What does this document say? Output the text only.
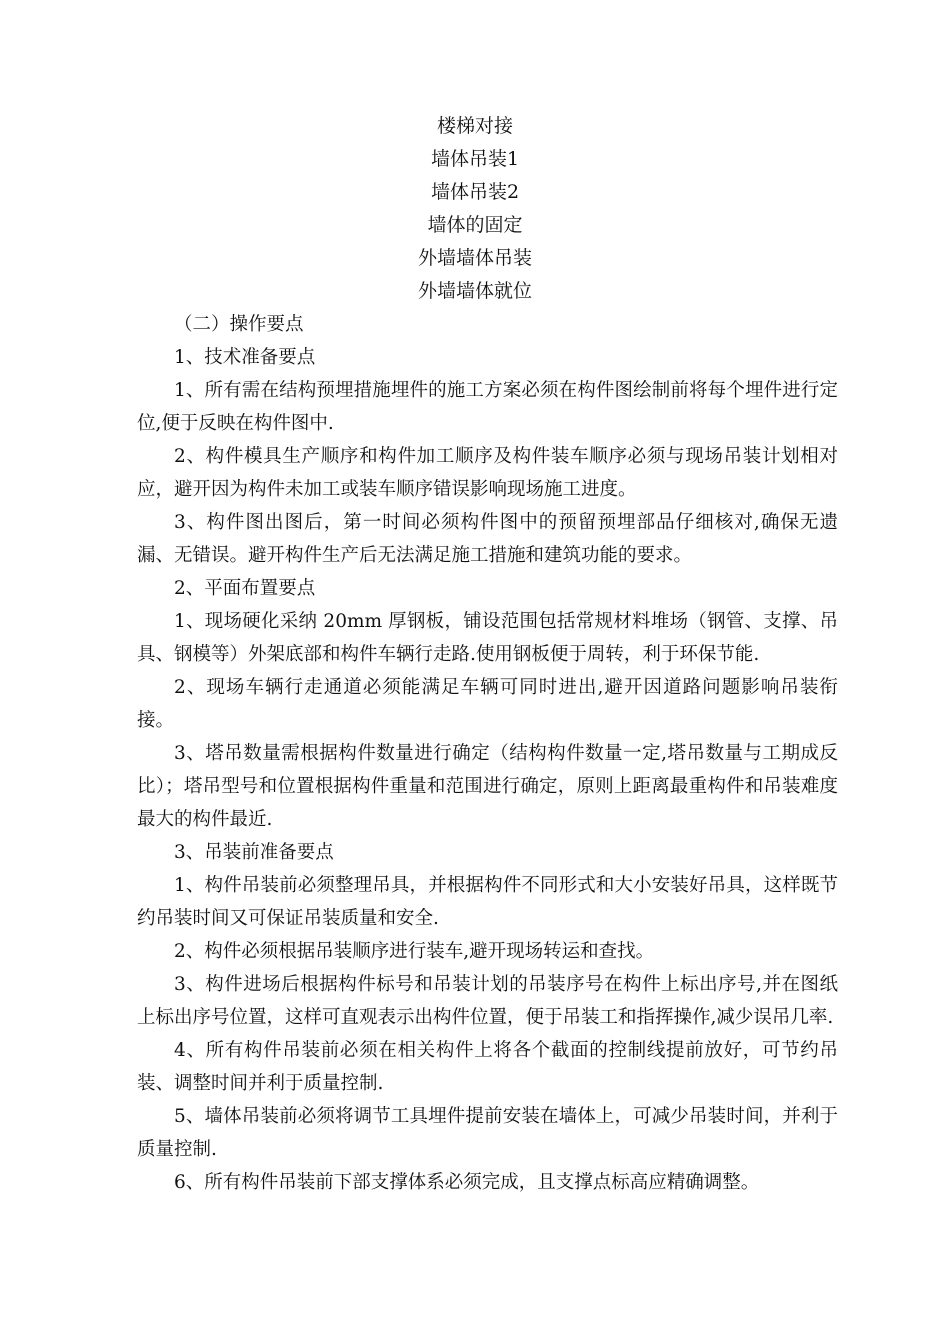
楼梯对接
墙体吊装1
墙体吊装2
墙体的固定
外墙墙体吊装
外墙墙体就位

（二）操作要点

1、技术准备要点

1、所有需在结构预埋措施埋件的施工方案必须在构件图绘制前将每个埋件进行定位,便于反映在构件图中.

2、构件模具生产顺序和构件加工顺序及构件装车顺序必须与现场吊装计划相对应，避开因为构件未加工或装车顺序错误影响现场施工进度。

3、构件图出图后，第一时间必须构件图中的预留预埋部品仔细核对,确保无遗漏、无错误。避开构件生产后无法满足施工措施和建筑功能的要求。

2、平面布置要点

1、现场硬化采纳 20mm 厚钢板，铺设范围包括常规材料堆场（钢管、支撑、吊具、钢模等）外架底部和构件车辆行走路.使用钢板便于周转，利于环保节能.

2、现场车辆行走通道必须能满足车辆可同时进出,避开因道路问题影响吊装衔接。

3、塔吊数量需根据构件数量进行确定（结构构件数量一定,塔吊数量与工期成反比）；塔吊型号和位置根据构件重量和范围进行确定，原则上距离最重构件和吊装难度最大的构件最近.

3、吊装前准备要点

1、构件吊装前必须整理吊具，并根据构件不同形式和大小安装好吊具，这样既节约吊装时间又可保证吊装质量和安全.

2、构件必须根据吊装顺序进行装车,避开现场转运和查找。

3、构件进场后根据构件标号和吊装计划的吊装序号在构件上标出序号,并在图纸上标出序号位置，这样可直观表示出构件位置，便于吊装工和指挥操作,减少误吊几率.

4、所有构件吊装前必须在相关构件上将各个截面的控制线提前放好，可节约吊装、调整时间并利于质量控制.

5、墙体吊装前必须将调节工具埋件提前安装在墙体上，可减少吊装时间，并利于质量控制.

6、所有构件吊装前下部支撑体系必须完成，且支撑点标高应精确调整。
